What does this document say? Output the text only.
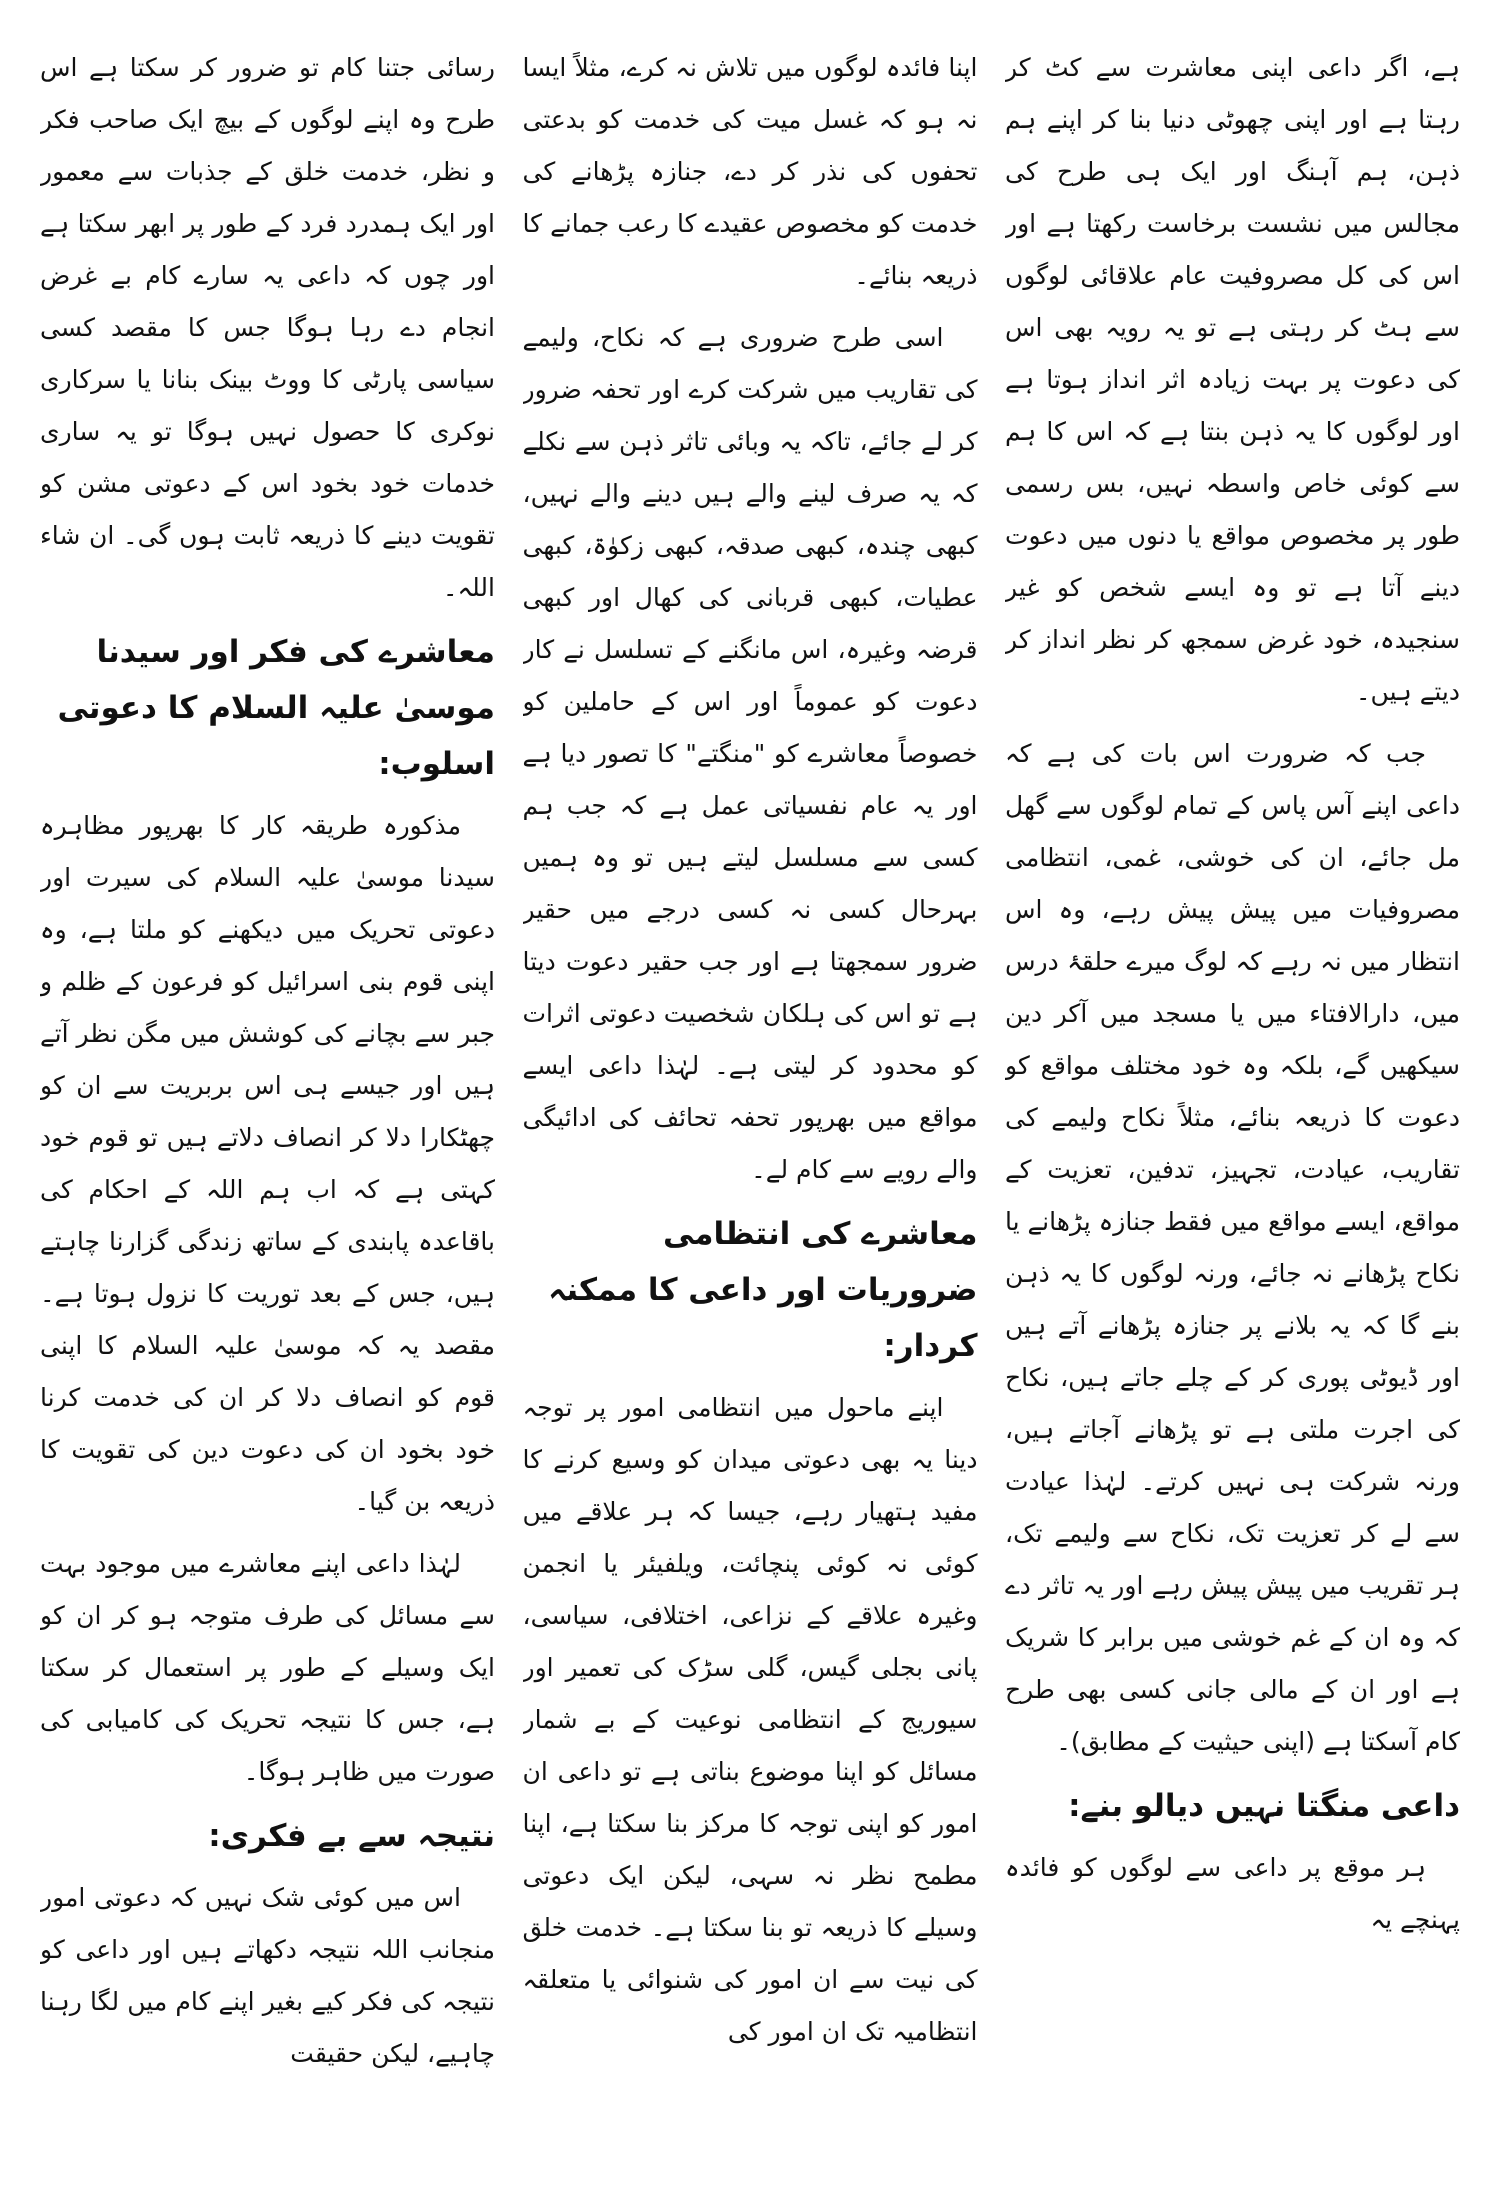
ہے، اگر داعی اپنی معاشرت سے کٹ کر رہتا ہے اور اپنی چھوٹی دنیا بنا کر اپنے ہم ذہن، ہم آہنگ اور ایک ہی طرح کی مجالس میں نشست برخاست رکھتا ہے اور اس کی کل مصروفیت عام علاقائی لوگوں سے ہٹ کر رہتی ہے تو یہ رویہ بھی اس کی دعوت پر بہت زیادہ اثر انداز ہوتا ہے اور لوگوں کا یہ ذہن بنتا ہے کہ اس کا ہم سے کوئی خاص واسطہ نہیں، بس رسمی طور پر مخصوص مواقع یا دنوں میں دعوت دینے آتا ہے تو وہ ایسے شخص کو غیر سنجیدہ، خود غرض سمجھ کر نظر انداز کر دیتے ہیں۔

جب کہ ضرورت اس بات کی ہے کہ داعی اپنے آس پاس کے تمام لوگوں سے گھل مل جائے، ان کی خوشی، غمی، انتظامی مصروفیات میں پیش پیش رہے، وہ اس انتظار میں نہ رہے کہ لوگ میرے حلقۂ درس میں، دارالافتاء میں یا مسجد میں آکر دین سیکھیں گے، بلکہ وہ خود مختلف مواقع کو دعوت کا ذریعہ بنائے، مثلاً نکاح ولیمے کی تقاریب، عیادت، تجہیز، تدفین، تعزیت کے مواقع، ایسے مواقع میں فقط جنازہ پڑھانے یا نکاح پڑھانے نہ جائے، ورنہ لوگوں کا یہ ذہن بنے گا کہ یہ بلانے پر جنازہ پڑھانے آتے ہیں اور ڈیوٹی پوری کر کے چلے جاتے ہیں، نکاح کی اجرت ملتی ہے تو پڑھانے آجاتے ہیں، ورنہ شرکت ہی نہیں کرتے۔ لہٰذا عیادت سے لے کر تعزیت تک، نکاح سے ولیمے تک، ہر تقریب میں پیش پیش رہے اور یہ تاثر دے کہ وہ ان کے غم خوشی میں برابر کا شریک ہے اور ان کے مالی جانی کسی بھی طرح کام آسکتا ہے (اپنی حیثیت کے مطابق)۔

داعی منگتا نہیں دیالو بنے:

ہر موقع پر داعی سے لوگوں کو فائدہ پہنچے یہ

اپنا فائدہ لوگوں میں تلاش نہ کرے، مثلاً ایسا نہ ہو کہ غسل میت کی خدمت کو بدعتی تحفوں کی نذر کر دے، جنازہ پڑھانے کی خدمت کو مخصوص عقیدے کا رعب جمانے کا ذریعہ بنائے۔

اسی طرح ضروری ہے کہ نکاح، ولیمے کی تقاریب میں شرکت کرے اور تحفہ ضرور کر لے جائے، تاکہ یہ وبائی تاثر ذہن سے نکلے کہ یہ صرف لینے والے ہیں دینے والے نہیں، کبھی چندہ، کبھی صدقہ، کبھی زکوٰۃ، کبھی عطیات، کبھی قربانی کی کھال اور کبھی قرضہ وغیرہ، اس مانگنے کے تسلسل نے کار دعوت کو عموماً اور اس کے حاملین کو خصوصاً معاشرے کو "منگتے" کا تصور دیا ہے اور یہ عام نفسیاتی عمل ہے کہ جب ہم کسی سے مسلسل لیتے ہیں تو وہ ہمیں بہرحال کسی نہ کسی درجے میں حقیر ضرور سمجھتا ہے اور جب حقیر دعوت دیتا ہے تو اس کی ہلکان شخصیت دعوتی اثرات کو محدود کر لیتی ہے۔ لہٰذا داعی ایسے مواقع میں بھرپور تحفہ تحائف کی ادائیگی والے رویے سے کام لے۔

معاشرے کی انتظامی ضروریات اور داعی کا ممکنہ کردار:

اپنے ماحول میں انتظامی امور پر توجہ دینا یہ بھی دعوتی میدان کو وسیع کرنے کا مفید ہتھیار رہے، جیسا کہ ہر علاقے میں کوئی نہ کوئی پنچائت، ویلفیئر یا انجمن وغیرہ علاقے کے نزاعی، اختلافی، سیاسی، پانی بجلی گیس، گلی سڑک کی تعمیر اور سیوریج کے انتظامی نوعیت کے بے شمار مسائل کو اپنا موضوع بناتی ہے تو داعی ان امور کو اپنی توجہ کا مرکز بنا سکتا ہے، اپنا مطمح نظر نہ سہی، لیکن ایک دعوتی وسیلے کا ذریعہ تو بنا سکتا ہے۔ خدمت خلق کی نیت سے ان امور کی شنوائی یا متعلقہ انتظامیہ تک ان امور کی

رسائی جتنا کام تو ضرور کر سکتا ہے اس طرح وہ اپنے لوگوں کے بیچ ایک صاحب فکر و نظر، خدمت خلق کے جذبات سے معمور اور ایک ہمدرد فرد کے طور پر ابھر سکتا ہے اور چوں کہ داعی یہ سارے کام بے غرض انجام دے رہا ہوگا جس کا مقصد کسی سیاسی پارٹی کا ووٹ بینک بنانا یا سرکاری نوکری کا حصول نہیں ہوگا تو یہ ساری خدمات خود بخود اس کے دعوتی مشن کو تقویت دینے کا ذریعہ ثابت ہوں گی۔ ان شاء اللہ۔

معاشرے کی فکر اور سیدنا موسیٰ علیہ السلام کا دعوتی اسلوب:

مذکورہ طریقہ کار کا بھرپور مظاہرہ سیدنا موسیٰ علیہ السلام کی سیرت اور دعوتی تحریک میں دیکھنے کو ملتا ہے، وہ اپنی قوم بنی اسرائیل کو فرعون کے ظلم و جبر سے بچانے کی کوشش میں مگن نظر آتے ہیں اور جیسے ہی اس بربریت سے ان کو چھٹکارا دلا کر انصاف دلاتے ہیں تو قوم خود کہتی ہے کہ اب ہم اللہ کے احکام کی باقاعدہ پابندی کے ساتھ زندگی گزارنا چاہتے ہیں، جس کے بعد توریت کا نزول ہوتا ہے۔ مقصد یہ کہ موسیٰ علیہ السلام کا اپنی قوم کو انصاف دلا کر ان کی خدمت کرنا خود بخود ان کی دعوت دین کی تقویت کا ذریعہ بن گیا۔

لہٰذا داعی اپنے معاشرے میں موجود بہت سے مسائل کی طرف متوجہ ہو کر ان کو ایک وسیلے کے طور پر استعمال کر سکتا ہے، جس کا نتیجہ تحریک کی کامیابی کی صورت میں ظاہر ہوگا۔

نتیجہ سے بے فکری:

اس میں کوئی شک نہیں کہ دعوتی امور منجانب اللہ نتیجہ دکھاتے ہیں اور داعی کو نتیجہ کی فکر کیے بغیر اپنے کام میں لگا رہنا چاہیے، لیکن حقیقت
